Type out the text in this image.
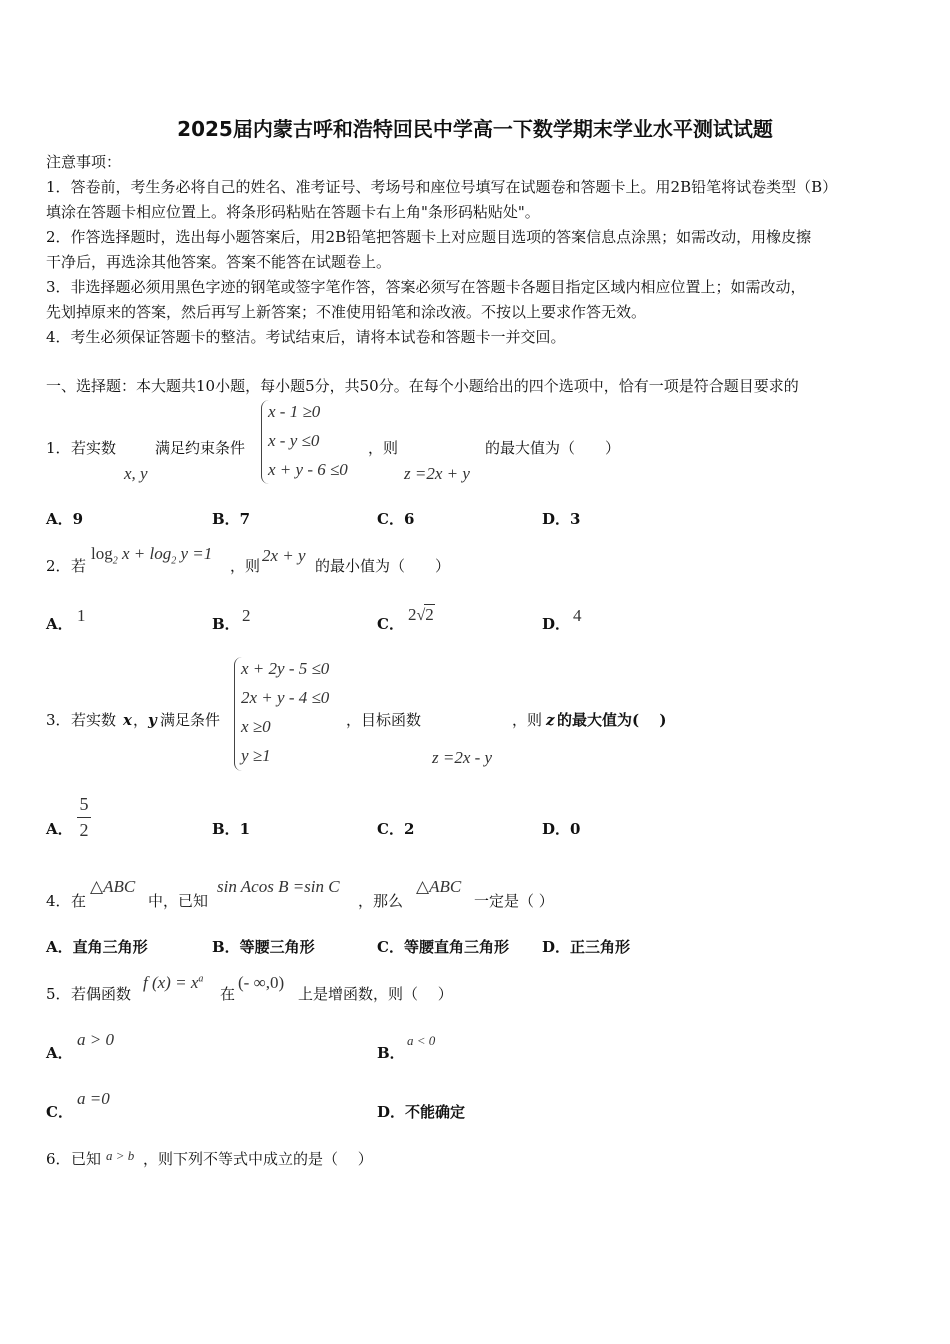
2025届内蒙古呼和浩特回民中学高一下数学期末学业水平测试试题
注意事项：
1．答卷前，考生务必将自己的姓名、准考证号、考场号和座位号填写在试题卷和答题卡上。用2B铅笔将试卷类型（B）
填涂在答题卡相应位置上。将条形码粘贴在答题卡右上角"条形码粘贴处"。
2．作答选择题时，选出每小题答案后，用2B铅笔把答题卡上对应题目选项的答案信息点涂黑；如需改动，用橡皮擦
干净后，再选涂其他答案。答案不能答在试题卷上。
3．非选择题必须用黑色字迹的钢笔或签字笔作答，答案必须写在答题卡各题目指定区域内相应位置上；如需改动，
先划掉原来的答案，然后再写上新答案；不准使用铅笔和涂改液。不按以上要求作答无效。
4．考生必须保证答题卡的整洁。考试结束后，请将本试卷和答题卡一并交回。
一、选择题：本大题共10小题，每小题5分，共50分。在每个小题给出的四个选项中，恰有一项是符合题目要求的
1． 若实数
x, y
满足约束条件
x - 1 ≥0
x - y ≤0
x + y - 6 ≤0
，则
z =2x + y
的最大值为（　　）
A．9	B．7	C．6	D．3
2． 若
$\log_2 x + \log_2 y =1$
，则
2x + y
的最小值为（　　）
A． 1	B． 2	C． 2√2	D． 4
3． 若实数 x ， y 满足条件
x + 2y - 5 ≤0
2x + y - 4 ≤0
x ≥0
y ≥1
，目标函数
z =2x - y
，则 z 的最大值为(　 )
A．
5
2	B．1	C．2	D．0
4． 在
△ABC
中，已知
sin Acos B =sin C
，那么
△ABC
一定是（ ）
A．直角三角形	B．等腰三角形	C．等腰直角三角形 D．正三角形
5． 若偶函数
f $(x) = x^a$
在
(- ∞,0)
上是增函数，则（　 ）
A．
a > 0
B．
a < 0
C．
a =0
D．不能确定
6． 已知 a > b ，则下列不等式中成立的是（　 ）
